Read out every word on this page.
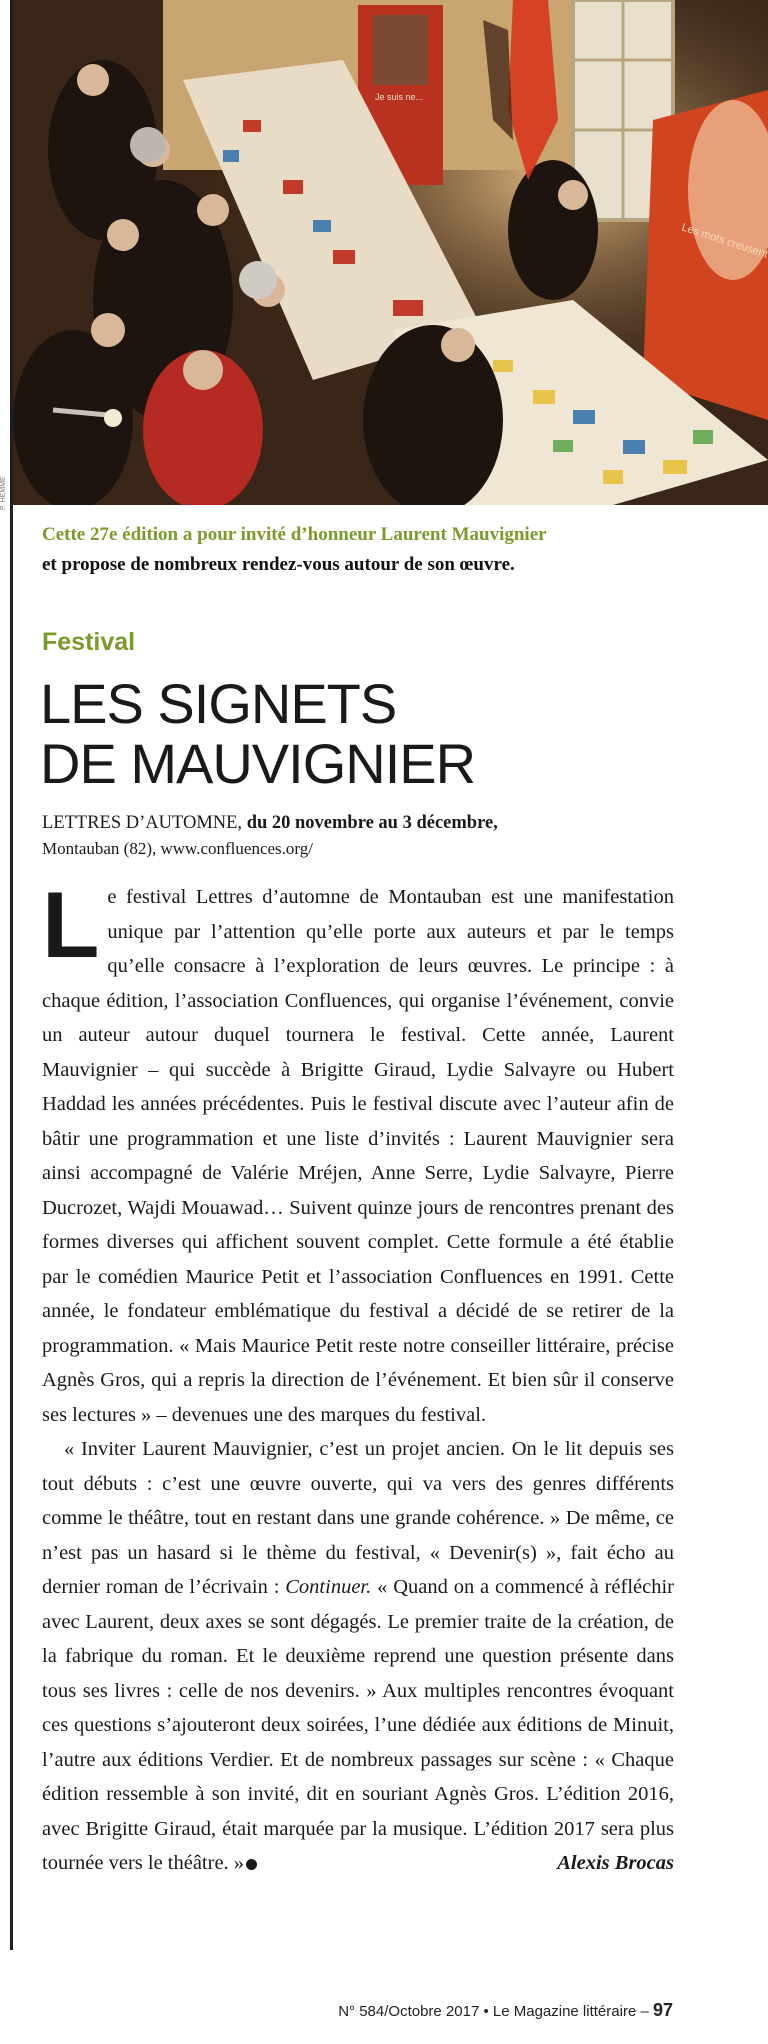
Je suis ne...
Les
P. HEMME
Cette 27e édition a pour invité d’honneur Laurent Mauvignier
et propose de nombreux rendez-vous autour de son œuvre.
Festival
LES SIGNETS
DE MAUVIGNIER
LETTRES D’AUTOMNE, du 20 novembre au 3 décembre,
Montauban (82), www.confluences.org/

Le festival Lettres d’automne de Montauban est une manifestation unique par l’attention qu’elle porte aux auteurs et par le temps qu’elle consacre à l’exploration de leurs œuvres. Le principe : à chaque édition, l’association Confluences, qui organise l’événement, convie un auteur autour duquel tournera le festival. Cette année, Laurent Mauvignier – qui succède à Brigitte Giraud, Lydie Salvayre ou Hubert Haddad les années précédentes. Puis le festival discute avec l’auteur afin de bâtir une programmation et une liste d’invités : Laurent Mauvignier sera ainsi accompagné de Valérie Mréjen, Anne Serre, Lydie Salvayre, Pierre Ducrozet, Wajdi Mouawad… Suivent quinze jours de rencontres prenant des formes diverses qui affichent souvent complet. Cette formule a été établie par le comédien Maurice Petit et l’association Confluences en 1991. Cette année, le fondateur emblématique du festival a décidé de se retirer de la programmation. « Mais Maurice Petit reste notre conseiller littéraire, précise Agnès Gros, qui a repris la direction de l’événement. Et bien sûr il conserve ses lectures » – devenues une des marques du festival.

« Inviter Laurent Mauvignier, c’est un projet ancien. On le lit depuis ses tout débuts : c’est une œuvre ouverte, qui va vers des genres différents comme le théâtre, tout en restant dans une grande cohérence. » De même, ce n’est pas un hasard si le thème du festival, « Devenir(s) », fait écho au dernier roman de l’écrivain : Continuer. « Quand on a commencé à réfléchir avec Laurent, deux axes se sont dégagés. Le premier traite de la création, de la fabrique du roman. Et le deuxième reprend une question présente dans tous ses livres : celle de nos devenirs. » Aux multiples rencontres évoquant ces questions s’ajouteront deux soirées, l’une dédiée aux éditions de Minuit, l’autre aux éditions Verdier. Et de nombreux passages sur scène : « Chaque édition ressemble à son invité, dit en souriant Agnès Gros. L’édition 2016, avec Brigitte Giraud, était marquée par la musique. L’édition 2017 sera plus tournée vers le théâtre. »	Alexis Brocas

N° 584/Octobre 2017 • Le Magazine littéraire – 97
